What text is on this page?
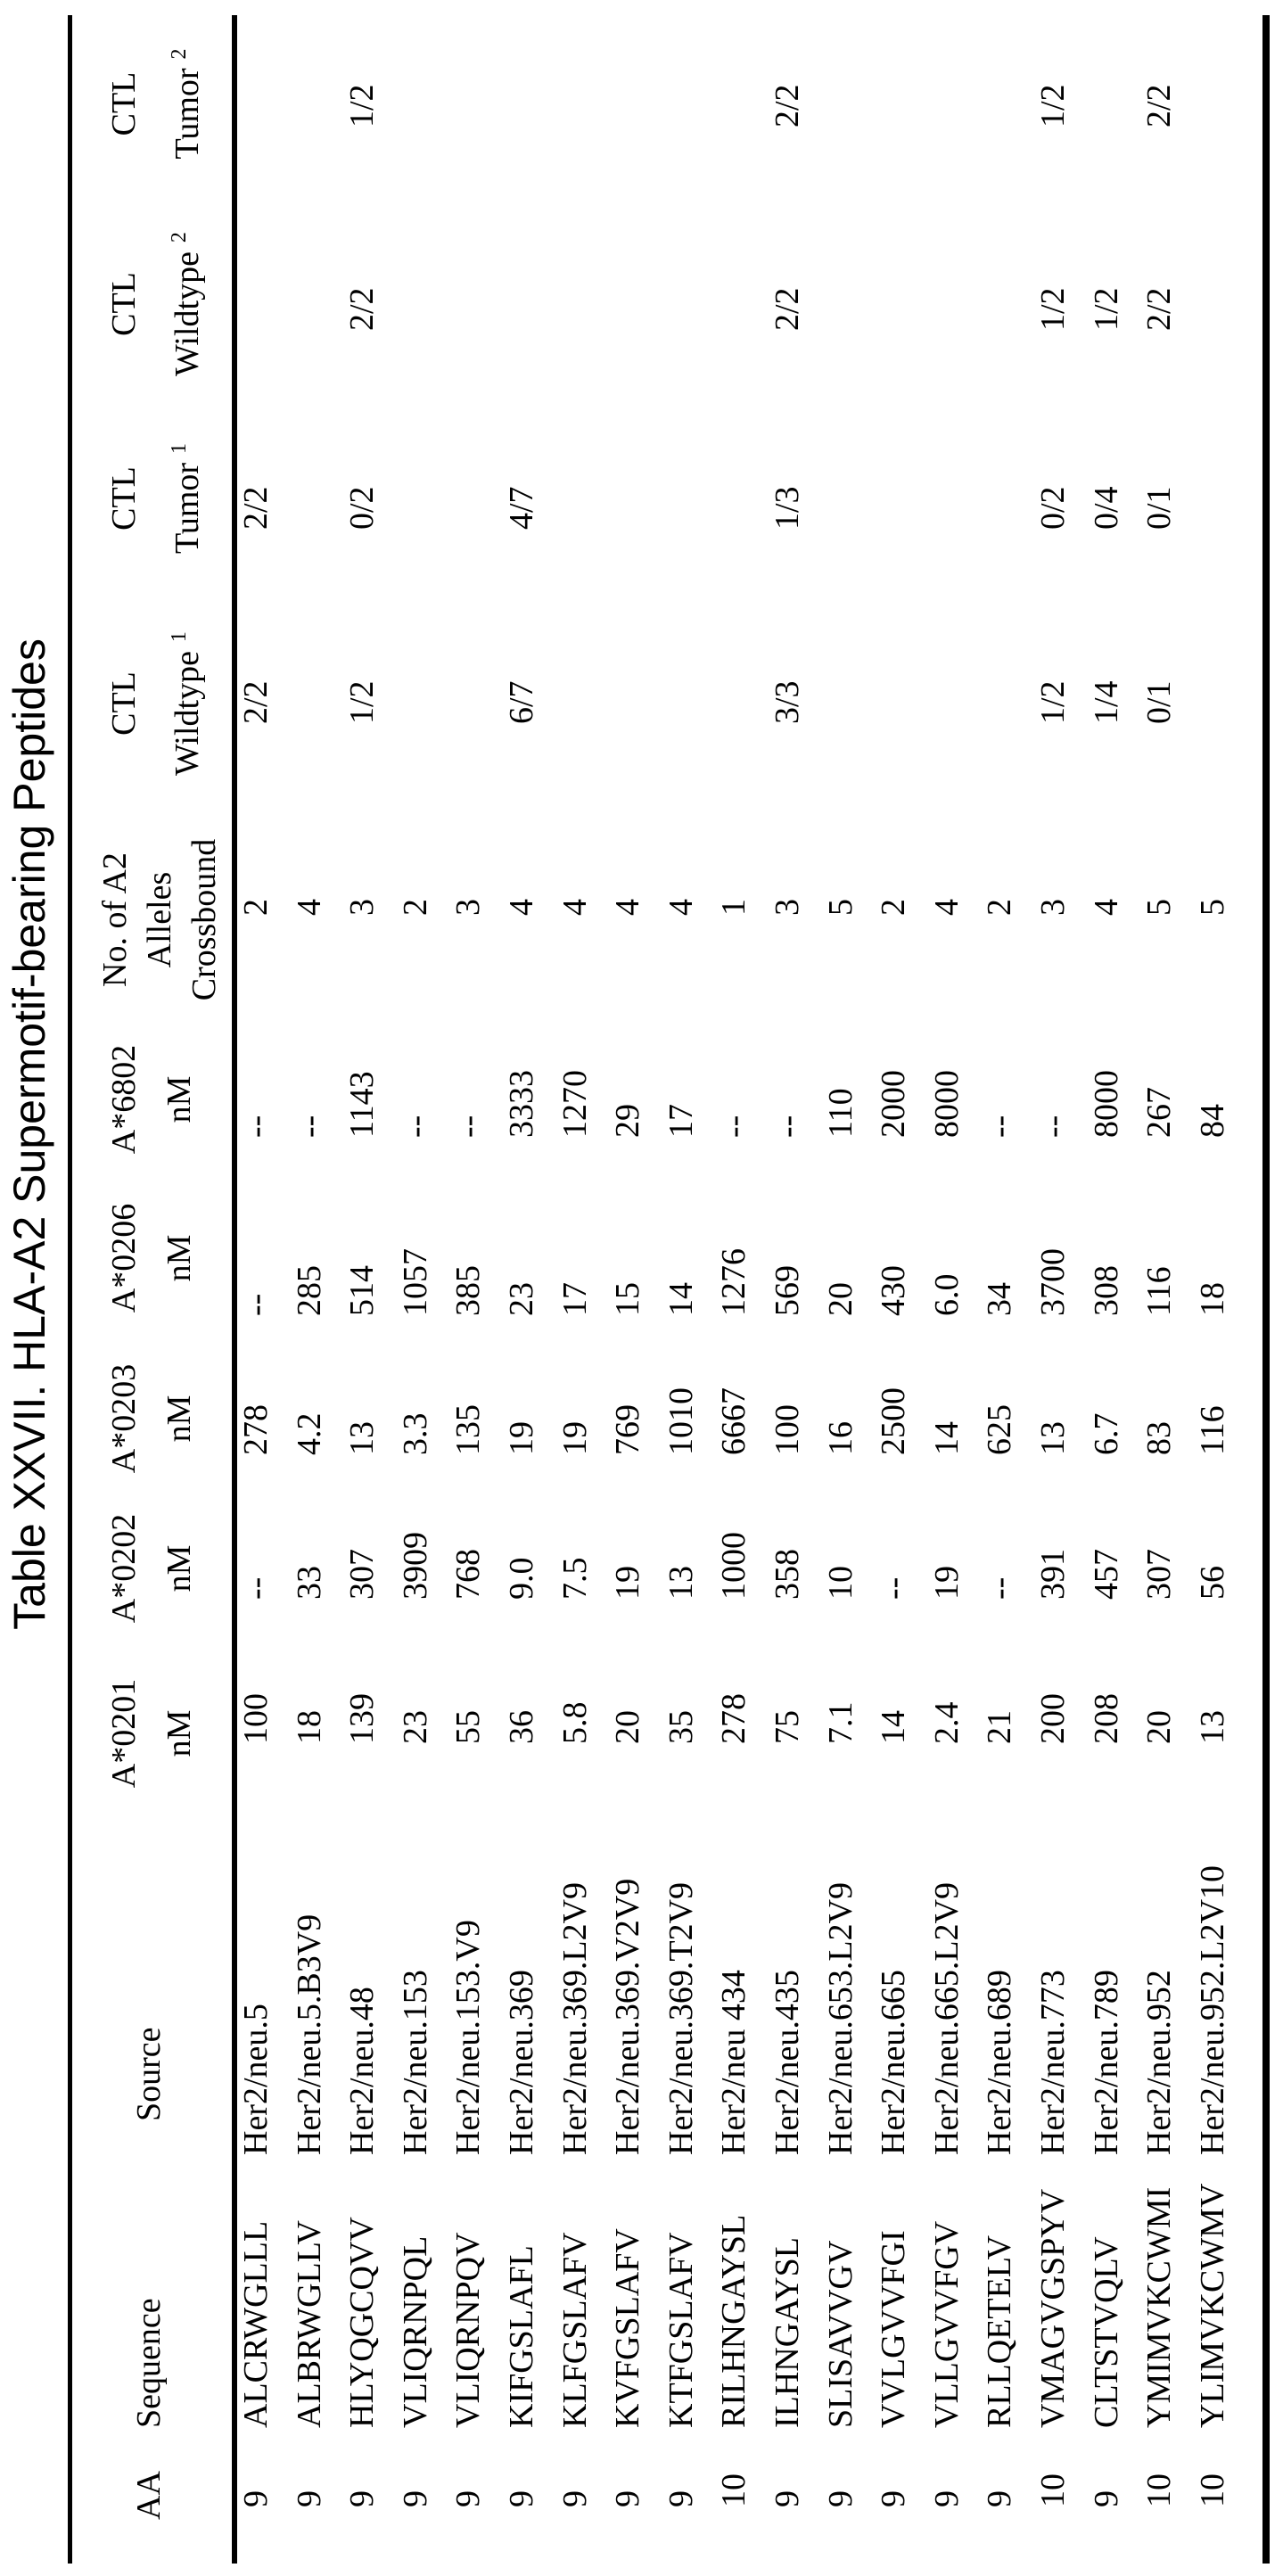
Table XXVII. HLA-A2 Supermotif-bearing Peptides
AA
Sequence
Source
A*0201 nM
A*0202 nM
A*0203 nM
A*0206 nM
A*6802 nM
No. of A2 Alleles Crossbound
CTL Wildtype1
CTL Tumor1
CTL Wildtype2
CTL Tumor2
9
ALCRWGLLL
Her2/neu.5
100
--
278
--
--
2
2/2
2/2
9
ALBRWGLLV
Her2/neu.5.B3V9
18
33
4.2
285
--
4
9
HLYQGCQVV
Her2/neu.48
139
307
13
514
1143
3
1/2
0/2
2/2
1/2
9
VLIQRNPQL
Her2/neu.153
23
3909
3.3
1057
--
2
9
VLIQRNPQV
Her2/neu.153.V9
55
768
135
385
--
3
9
KIFGSLAFL
Her2/neu.369
36
9.0
19
23
3333
4
6/7
4/7
9
KLFGSLAFV
Her2/neu.369.L2V9
5.8
7.5
19
17
1270
4
9
KVFGSLAFV
Her2/neu.369.V2V9
20
19
769
15
29
4
9
KTFGSLAFV
Her2/neu.369.T2V9
35
13
1010
14
17
4
10
RILHNGAYSL
Her2/neu 434
278
1000
6667
1276
--
1
9
ILHNGAYSL
Her2/neu.435
75
358
100
569
--
3
3/3
1/3
2/2
2/2
9
SLISAVVGV
Her2/neu.653.L2V9
7.1
10
16
20
110
5
9
VVLGVVFGI
Her2/neu.665
14
--
2500
430
2000
2
9
VLLGVVFGV
Her2/neu.665.L2V9
2.4
19
14
6.0
8000
4
9
RLLQETELV
Her2/neu.689
21
--
625
34
--
2
10
VMAGVGSPYV
Her2/neu.773
200
391
13
3700
--
3
1/2
0/2
1/2
1/2
9
CLTSTVQLV
Her2/neu.789
208
457
6.7
308
8000
4
1/4
0/4
1/2
10
YMIMVKCWMI
Her2/neu.952
20
307
83
116
267
5
0/1
0/1
2/2
2/2
10
YLIMVKCWMV
Her2/neu.952.L2V10
13
56
116
18
84
5
